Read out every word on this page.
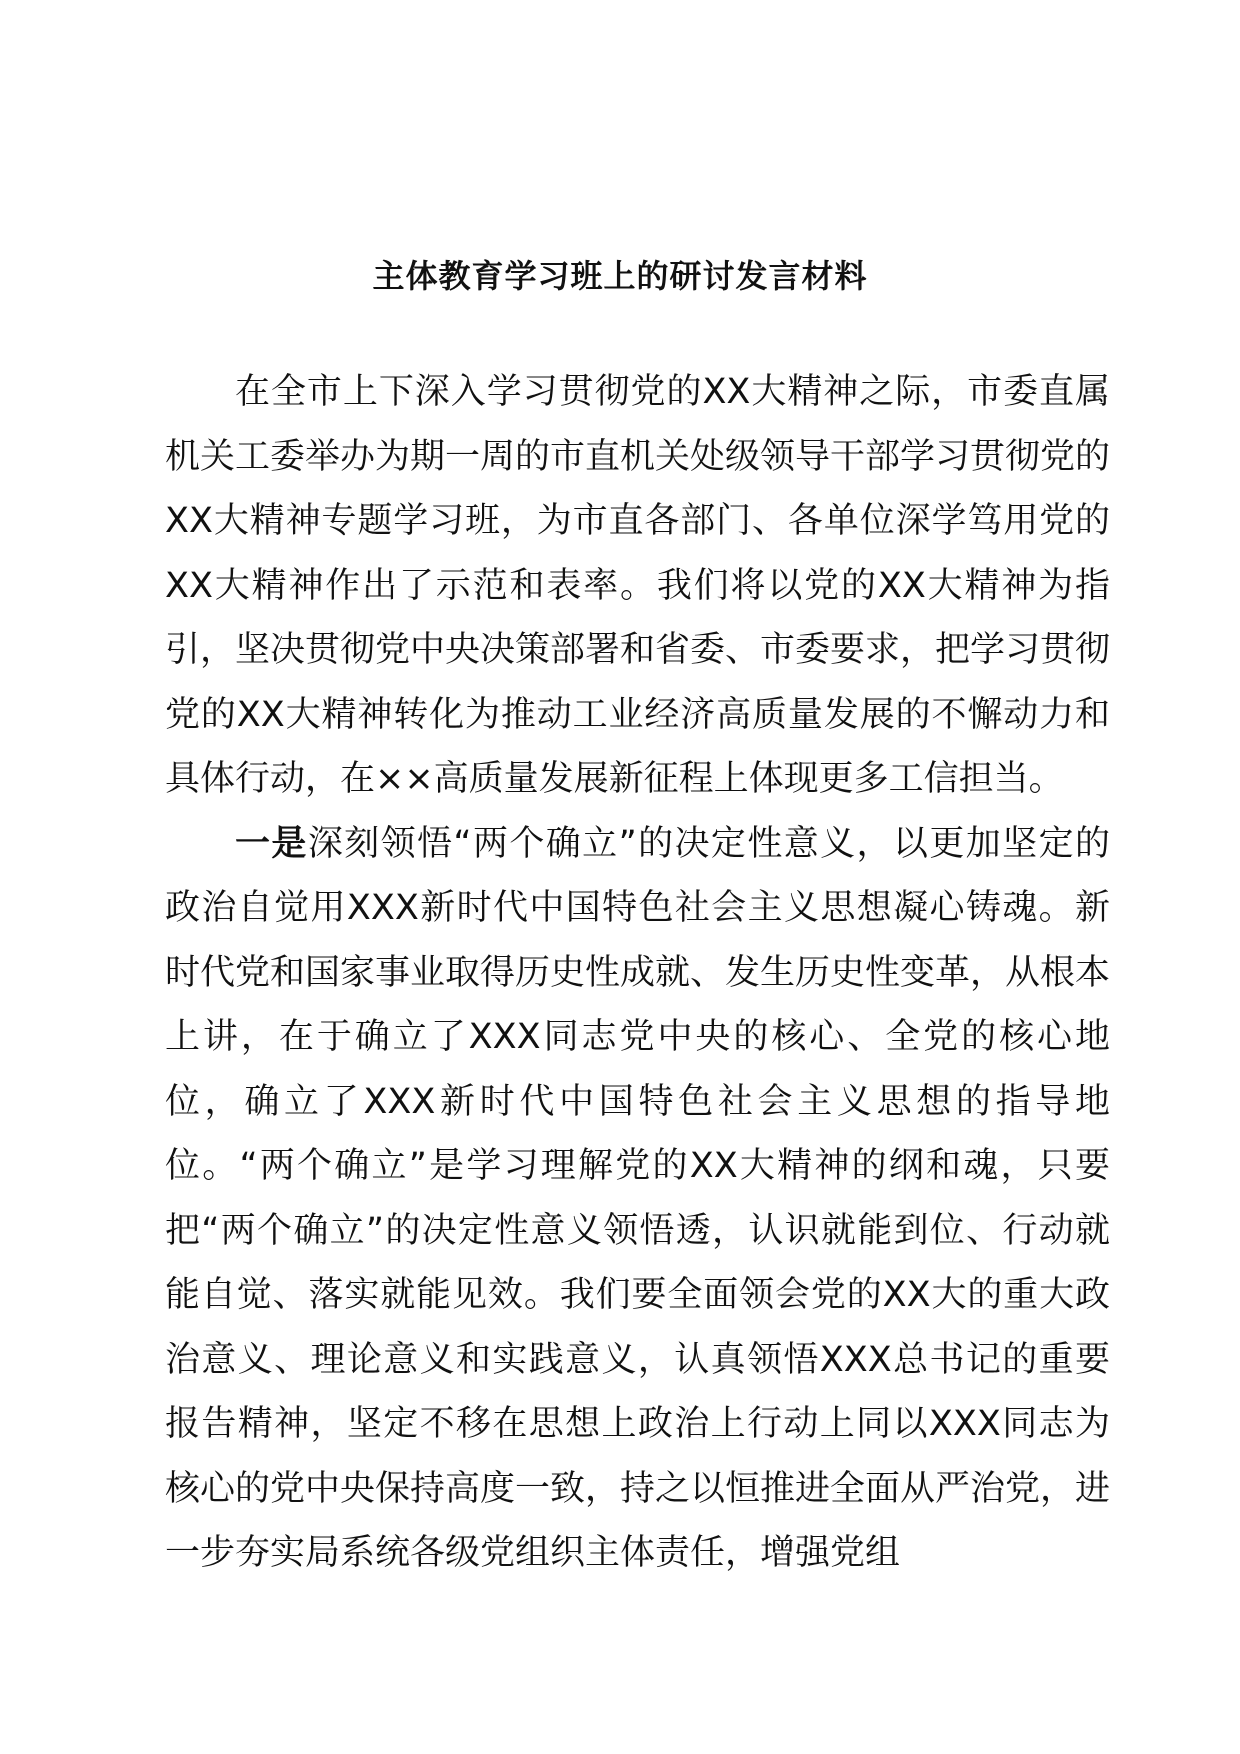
主体教育学习班上的研讨发言材料

在全市上下深入学习贯彻党的XX大精神之际，市委直属机关工委举办为期一周的市直机关处级领导干部学习贯彻党的XX大精神专题学习班，为市直各部门、各单位深学笃用党的XX大精神作出了示范和表率。我们将以党的XX大精神为指引，坚决贯彻党中央决策部署和省委、市委要求，把学习贯彻党的XX大精神转化为推动工业经济高质量发展的不懈动力和具体行动，在××高质量发展新征程上体现更多工信担当。

一是深刻领悟“两个确立”的决定性意义，以更加坚定的政治自觉用XXX新时代中国特色社会主义思想凝心铸魂。新时代党和国家事业取得历史性成就、发生历史性变革，从根本上讲，在于确立了XXX同志党中央的核心、全党的核心地位，确立了XXX新时代中国特色社会主义思想的指导地位。“两个确立”是学习理解党的XX大精神的纲和魂，只要把“两个确立”的决定性意义领悟透，认识就能到位、行动就能自觉、落实就能见效。我们要全面领会党的XX大的重大政治意义、理论意义和实践意义，认真领悟XXX总书记的重要报告精神，坚定不移在思想上政治上行动上同以XXX同志为核心的党中央保持高度一致，持之以恒推进全面从严治党，进一步夯实局系统各级党组织主体责任，增强党组
